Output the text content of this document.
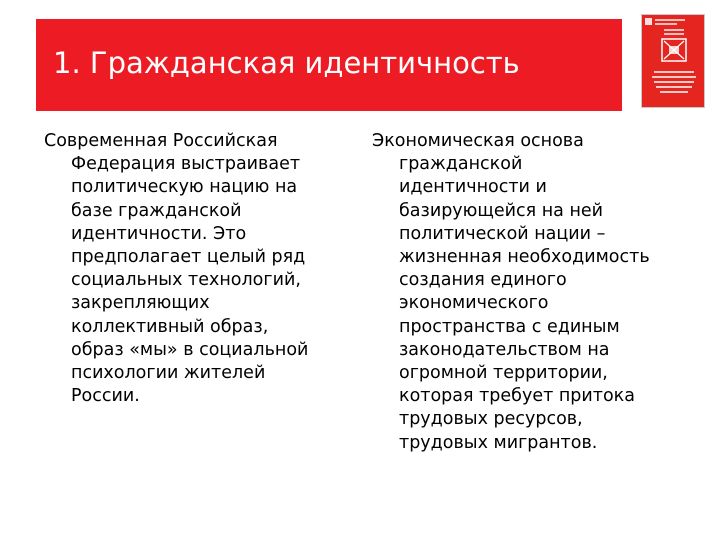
1. Гражданская идентичность

Современная Российская
Федерация выстраивает
политическую нацию на
базе гражданской
идентичности. Это
предполагает целый ряд
социальных технологий,
закрепляющих
коллективный образ,
образ «мы» в социальной
психологии жителей
России.

Экономическая основа
гражданской
идентичности и
базирующейся на ней
политической нации –
жизненная необходимость
создания единого
экономического
пространства с единым
законодательством на
огромной территории,
которая требует притока
трудовых ресурсов,
трудовых мигрантов.
